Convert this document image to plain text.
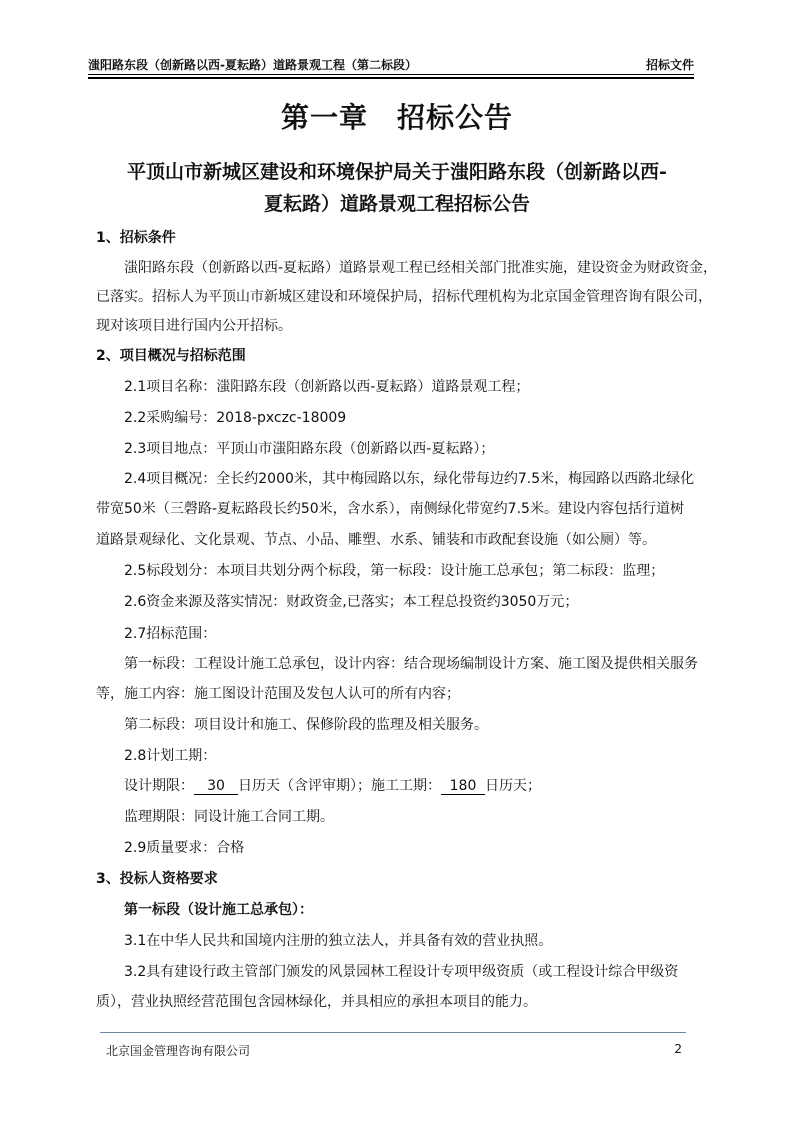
滍阳路东段（创新路以西-夏耘路）道路景观工程（第二标段）	招标文件
第一章　招标公告
平顶山市新城区建设和环境保护局关于滍阳路东段（创新路以西-
夏耘路）道路景观工程招标公告
1、招标条件
滍阳路东段（创新路以西-夏耘路）道路景观工程已经相关部门批准实施，建设资金为财政资金，
已落实。招标人为平顶山市新城区建设和环境保护局，招标代理机构为北京国金管理咨询有限公司，
现对该项目进行国内公开招标。
2、项目概况与招标范围
2.1项目名称：滍阳路东段（创新路以西-夏耘路）道路景观工程；
2.2采购编号：2018-pxczc-18009
2.3项目地点：平顶山市滍阳路东段（创新路以西-夏耘路）；
2.4项目概况：全长约2000米，其中梅园路以东，绿化带每边约7.5米，梅园路以西路北绿化
带宽50米（三磬路-夏耘路段长约50米，含水系），南侧绿化带宽约7.5米。建设内容包括行道树
道路景观绿化、文化景观、节点、小品、雕塑、水系、铺装和市政配套设施（如公厕）等。
2.5标段划分：本项目共划分两个标段，第一标段：设计施工总承包；第二标段：监理；
2.6资金来源及落实情况：财政资金,已落实；本工程总投资约3050万元；
2.7招标范围：
第一标段：工程设计施工总承包，设计内容：结合现场编制设计方案、施工图及提供相关服务
等，施工内容：施工图设计范围及发包人认可的所有内容；
第二标段：项目设计和施工、保修阶段的监理及相关服务。
2.8计划工期：
设计期限： 30 日历天（含评审期）；施工工期： 180 日历天；
监理期限：同设计施工合同工期。
2.9质量要求：合格
3、投标人资格要求
第一标段（设计施工总承包）：
3.1在中华人民共和国境内注册的独立法人，并具备有效的营业执照。
3.2具有建设行政主管部门颁发的风景园林工程设计专项甲级资质（或工程设计综合甲级资
质），营业执照经营范围包含园林绿化，并具相应的承担本项目的能力。
北京国金管理咨询有限公司	2
